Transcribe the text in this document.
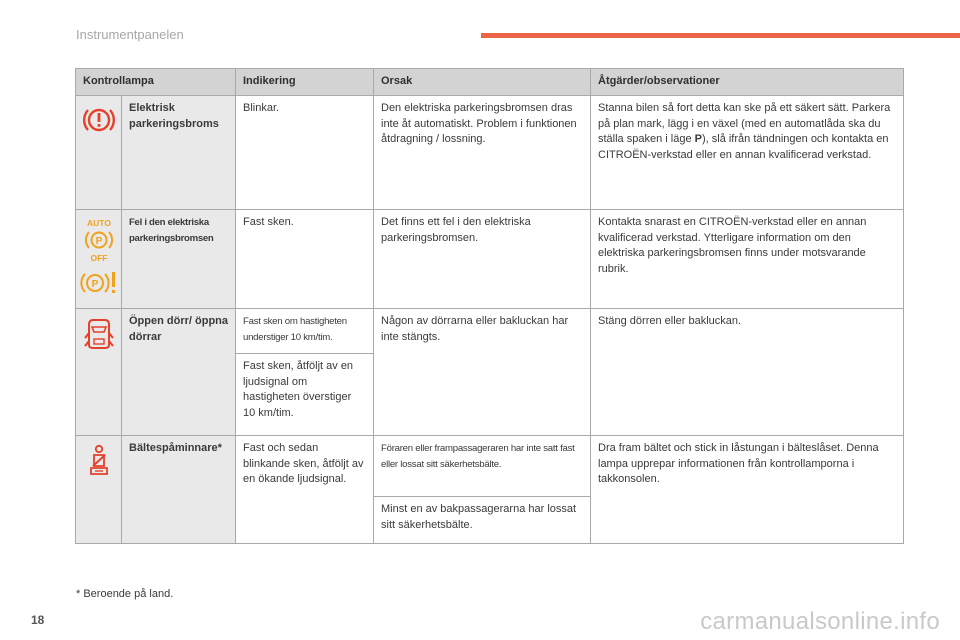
Instrumentpanelen
Kontrollampa		Indikering	Orsak	Åtgärder/observationer

	Elektrisk parkeringsbroms	Blinkar.	Den elektriska parkeringsbromsen dras inte åt automatiskt. Problem i funktionen åtdragning / lossning.	Stanna bilen så fort detta kan ske på ett säkert sätt. Parkera på plan mark, lägg i en växel (med en automatlåda ska du ställa spaken i läge P), slå ifrån tändningen och kontakta en CITROËN-verkstad eller en annan kvalificerad verkstad.

AUTO
P
OFF
P	Fel i den elektriska parkeringsbromsen	Fast sken.	Det finns ett fel i den elektriska parkeringsbromsen.	Kontakta snarast en CITROËN-verkstad eller en annan kvalificerad verkstad. Ytterligare information om den elektriska parkeringsbromsen finns under motsvarande rubrik.

	Öppen dörr/ öppna dörrar	Fast sken om hastigheten understiger 10 km/tim.	Någon av dörrarna eller bakluckan har inte stängts.	Stäng dörren eller bakluckan.
		Fast sken, åtföljt av en ljudsignal om hastigheten överstiger 10 km/tim.		

	Bältespåminnare*	Fast och sedan blinkande sken, åtföljt av en ökande ljudsignal.	Föraren eller frampassageraren har inte satt fast eller lossat sitt säkerhetsbälte.	Dra fram bältet och stick in låstungan i bälteslåset. Denna lampa upprepar informationen från kontrollamporna i takkonsolen.
			Minst en av bakpassagerarna har lossat sitt säkerhetsbälte.	
* Beroende på land.
18	carmanualsonline.info
